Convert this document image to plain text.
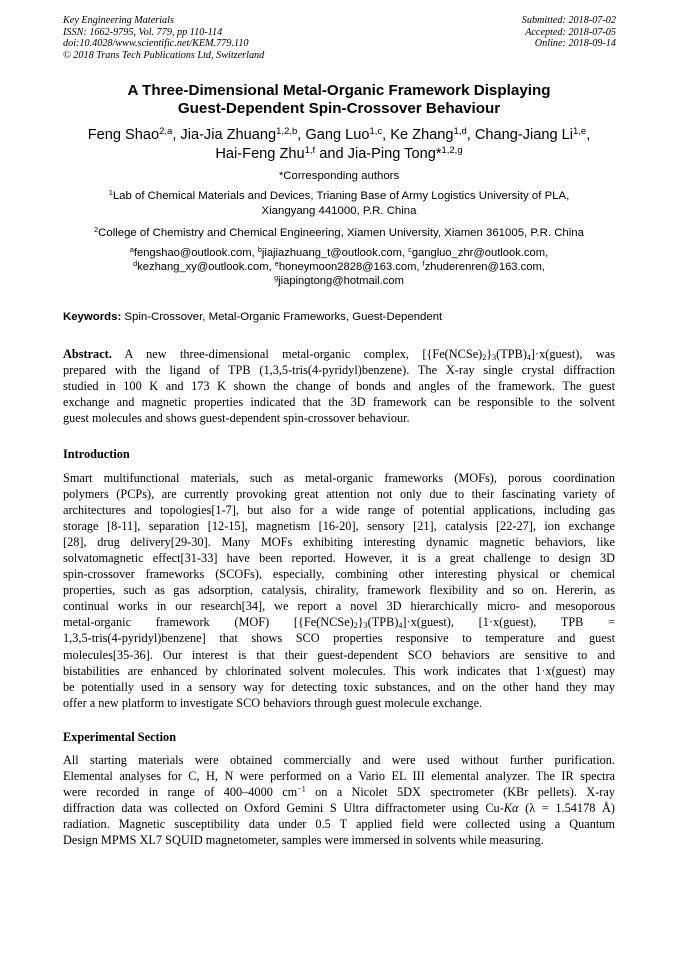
Key Engineering Materials
ISSN: 1662-9795, Vol. 779, pp 110-114
doi:10.4028/www.scientific.net/KEM.779.110
© 2018 Trans Tech Publications Ltd, Switzerland
Submitted: 2018-07-02
Accepted: 2018-07-05
Online: 2018-09-14
A Three-Dimensional Metal-Organic Framework Displaying
Guest-Dependent Spin-Crossover Behaviour
Feng Shao$^{2,a}$, Jia-Jia Zhuang$^{1,2,b}$, Gang Luo$^{1,c}$, Ke Zhang$^{1,d}$, Chang-Jiang Li$^{1,e}$,
Hai-Feng Zhu$^{1,f}$ and Jia-Ping Tong*$^{1,2,g}$
*Corresponding authors
$^1$Lab of Chemical Materials and Devices, Trianing Base of Army Logistics University of PLA,
Xiangyang 441000, P.R. China
$^2$College of Chemistry and Chemical Engineering, Xiamen University, Xiamen 361005, P.R. China
$^a$fengshao@outlook.com, $^b$jiajiazhuang_t@outlook.com, $^c$gangluo_zhr@outlook.com,
$^d$kezhang_xy@outlook.com, $^e$honeymoon2828@163.com, $^f$zhuderenren@163.com,
$^g$jiapingtong@hotmail.com
Keywords: Spin-Crossover, Metal-Organic Frameworks, Guest-Dependent
Abstract. A new three-dimensional metal-organic complex, $[\{Fe(NCSe)_2\}_3(TPB)_4]\cdot x(guest)$, was
prepared with the ligand of TPB (1,3,5-tris(4-pyridyl)benzene). The X-ray single crystal diffraction
studied in 100 K and 173 K shown the change of bonds and angles of the framework. The guest
exchange and magnetic properties indicated that the 3D framework can be responsible to the solvent
guest molecules and shows guest-dependent spin-crossover behaviour.
Introduction
Smart multifunctional materials, such as metal-organic frameworks (MOFs), porous coordination
polymers (PCPs), are currently provoking great attention not only due to their fascinating variety of
architectures and topologies[1-7], but also for a wide range of potential applications, including gas
storage [8-11], separation [12-15], magnetism [16-20], sensory [21], catalysis [22-27], ion exchange
[28], drug delivery[29-30]. Many MOFs exhibiting interesting dynamic magnetic behaviors, like
solvatomagnetic effect[31-33] have been reported. However, it is a great challenge to design 3D
spin-crossover frameworks (SCOFs), especially, combining other interesting physical or chemical
properties, such as gas adsorption, catalysis, chirality, framework flexibility and so on. Hererin, as
continual works in our research[34], we report a novel 3D hierarchically micro- and mesoporous
metal-organic   framework   (MOF)   $[\{Fe(NCSe)_2\}_3(TPB)_4]\cdot x(guest)$,   [1·x(guest),   TPB   =
1,3,5-tris(4-pyridyl)benzene]   that   shows   SCO   properties   responsive   to   temperature   and   guest
molecules[35-36]. Our interest is that their guest-dependent SCO behaviors are sensitive to and
bistabilities are enhanced by chlorinated solvent molecules. This work indicates that 1·x(guest) may
be potentially used in a sensory way for detecting toxic substances, and on the other hand they may
offer a new platform to investigate SCO behaviors through guest molecule exchange.
Experimental Section
All starting materials were obtained commercially and were used without further purification.
Elemental analyses for C, H, N were performed on a Vario EL III elemental analyzer. The IR spectra
were   recorded   in   range   of   400–4000   $cm^{-1}$   on   a   Nicolet   5DX   spectrometer   (KBr   pellets).   X-ray
diffraction data was collected on Oxford Gemini S Ultra diffractometer using Cu-Kα (λ = 1.54178 Å)
radiation. Magnetic susceptibility data under 0.5 T applied field were collected using a Quantum
Design MPMS XL7 SQUID magnetometer, samples were immersed in solvents while measuring.
